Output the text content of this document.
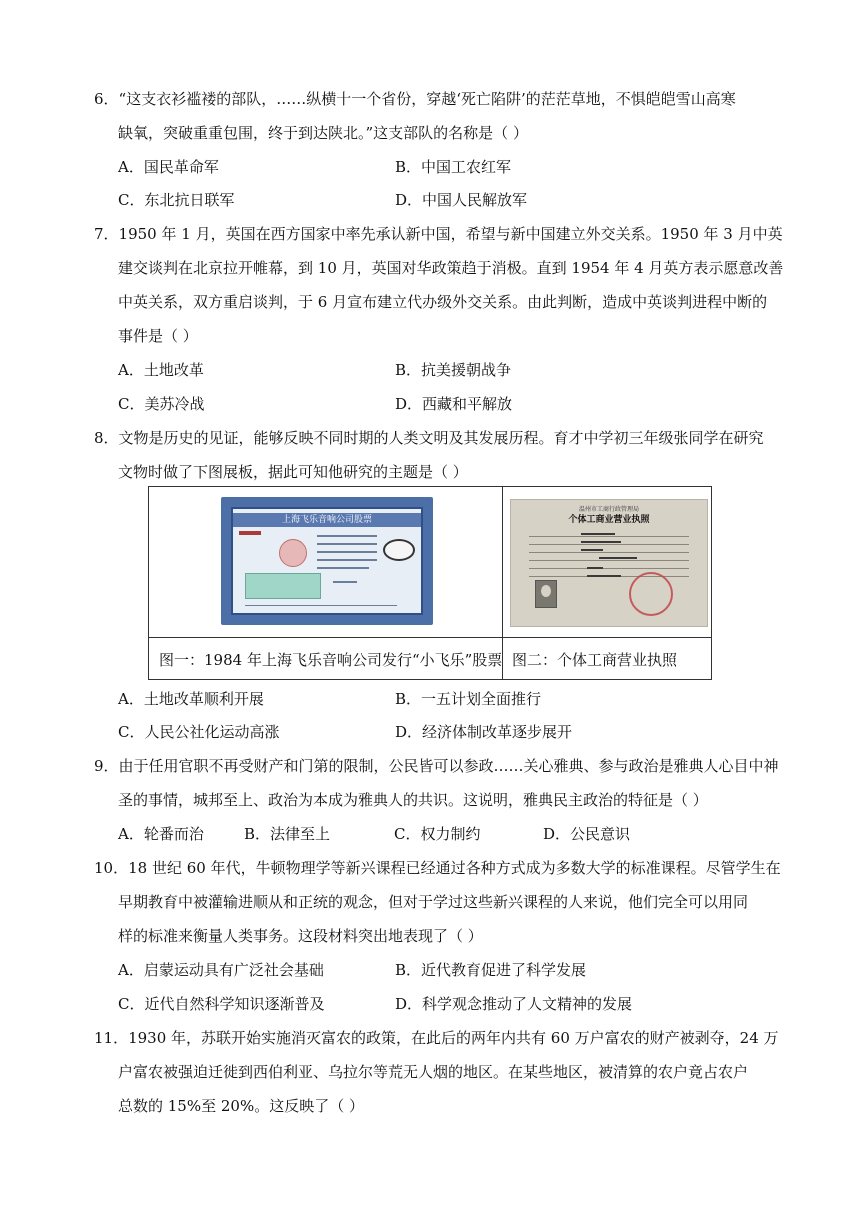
6．“这支衣衫褴褛的部队，……纵横十一个省份，穿越‘死亡陷阱’的茫茫草地，不惧皑皑雪山高寒
缺氧，突破重重包围，终于到达陕北。”这支部队的名称是（ ）
A．国民革命军	B．中国工农红军
C．东北抗日联军	D．中国人民解放军
7．1950 年 1 月，英国在西方国家中率先承认新中国，希望与新中国建立外交关系。1950 年 3 月中英
建交谈判在北京拉开帷幕，到 10 月，英国对华政策趋于消极。直到 1954 年 4 月英方表示愿意改善
中英关系，双方重启谈判，于 6 月宣布建立代办级外交关系。由此判断，造成中英谈判进程中断的
事件是（ ）
A．土地改革	B．抗美援朝战争
C．美苏冷战	D．西藏和平解放
8．文物是历史的见证，能够反映不同时期的人类文明及其发展历程。育才中学初三年级张同学在研究
文物时做了下图展板，据此可知他研究的主题是（ ）
上海飞乐音响公司股票
温州市工商行政管理局
个体工商业营业执照
图一：1984 年上海飞乐音响公司发行“小飞乐”股票 图二：个体工商营业执照
A．土地改革顺利开展	B．一五计划全面推行
C．人民公社化运动高涨	D．经济体制改革逐步展开
9．由于任用官职不再受财产和门第的限制，公民皆可以参政……关心雅典、参与政治是雅典人心目中神
圣的事情，城邦至上、政治为本成为雅典人的共识。这说明，雅典民主政治的特征是（ ）
A．轮番而治	B．法律至上	C．权力制约	D．公民意识
10．18 世纪 60 年代，牛顿物理学等新兴课程已经通过各种方式成为多数大学的标准课程。尽管学生在
早期教育中被灌输进顺从和正统的观念，但对于学过这些新兴课程的人来说，他们完全可以用同
样的标准来衡量人类事务。这段材料突出地表现了（ ）
A．启蒙运动具有广泛社会基础	B．近代教育促进了科学发展
C．近代自然科学知识逐渐普及	D．科学观念推动了人文精神的发展
11．1930 年，苏联开始实施消灭富农的政策，在此后的两年内共有 60 万户富农的财产被剥夺，24 万
户富农被强迫迁徙到西伯利亚、乌拉尔等荒无人烟的地区。在某些地区，被清算的农户竟占农户
总数的 15%至 20%。这反映了（ ）
